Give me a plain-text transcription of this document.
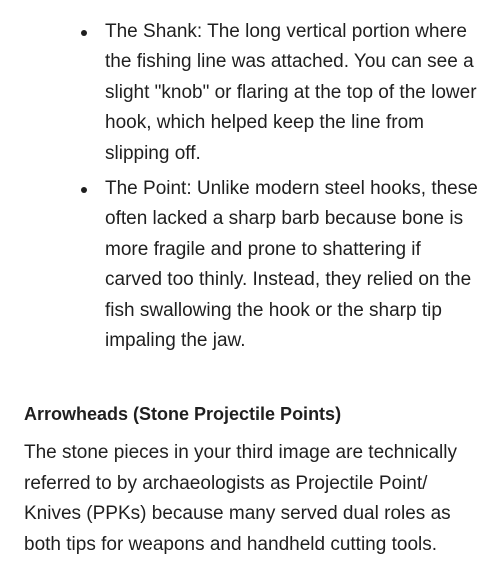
The Shank: The long vertical portion where the fishing line was attached. You can see a slight "knob" or flaring at the top of the lower hook, which helped keep the line from slipping off.
The Point: Unlike modern steel hooks, these often lacked a sharp barb because bone is more fragile and prone to shattering if carved too thinly. Instead, they relied on the fish swallowing the hook or the sharp tip impaling the jaw.
Arrowheads (Stone Projectile Points)

The stone pieces in your third image are technically referred to by archaeologists as Projectile Point/ Knives (PPKs) because many served dual roles as both tips for weapons and handheld cutting tools.
